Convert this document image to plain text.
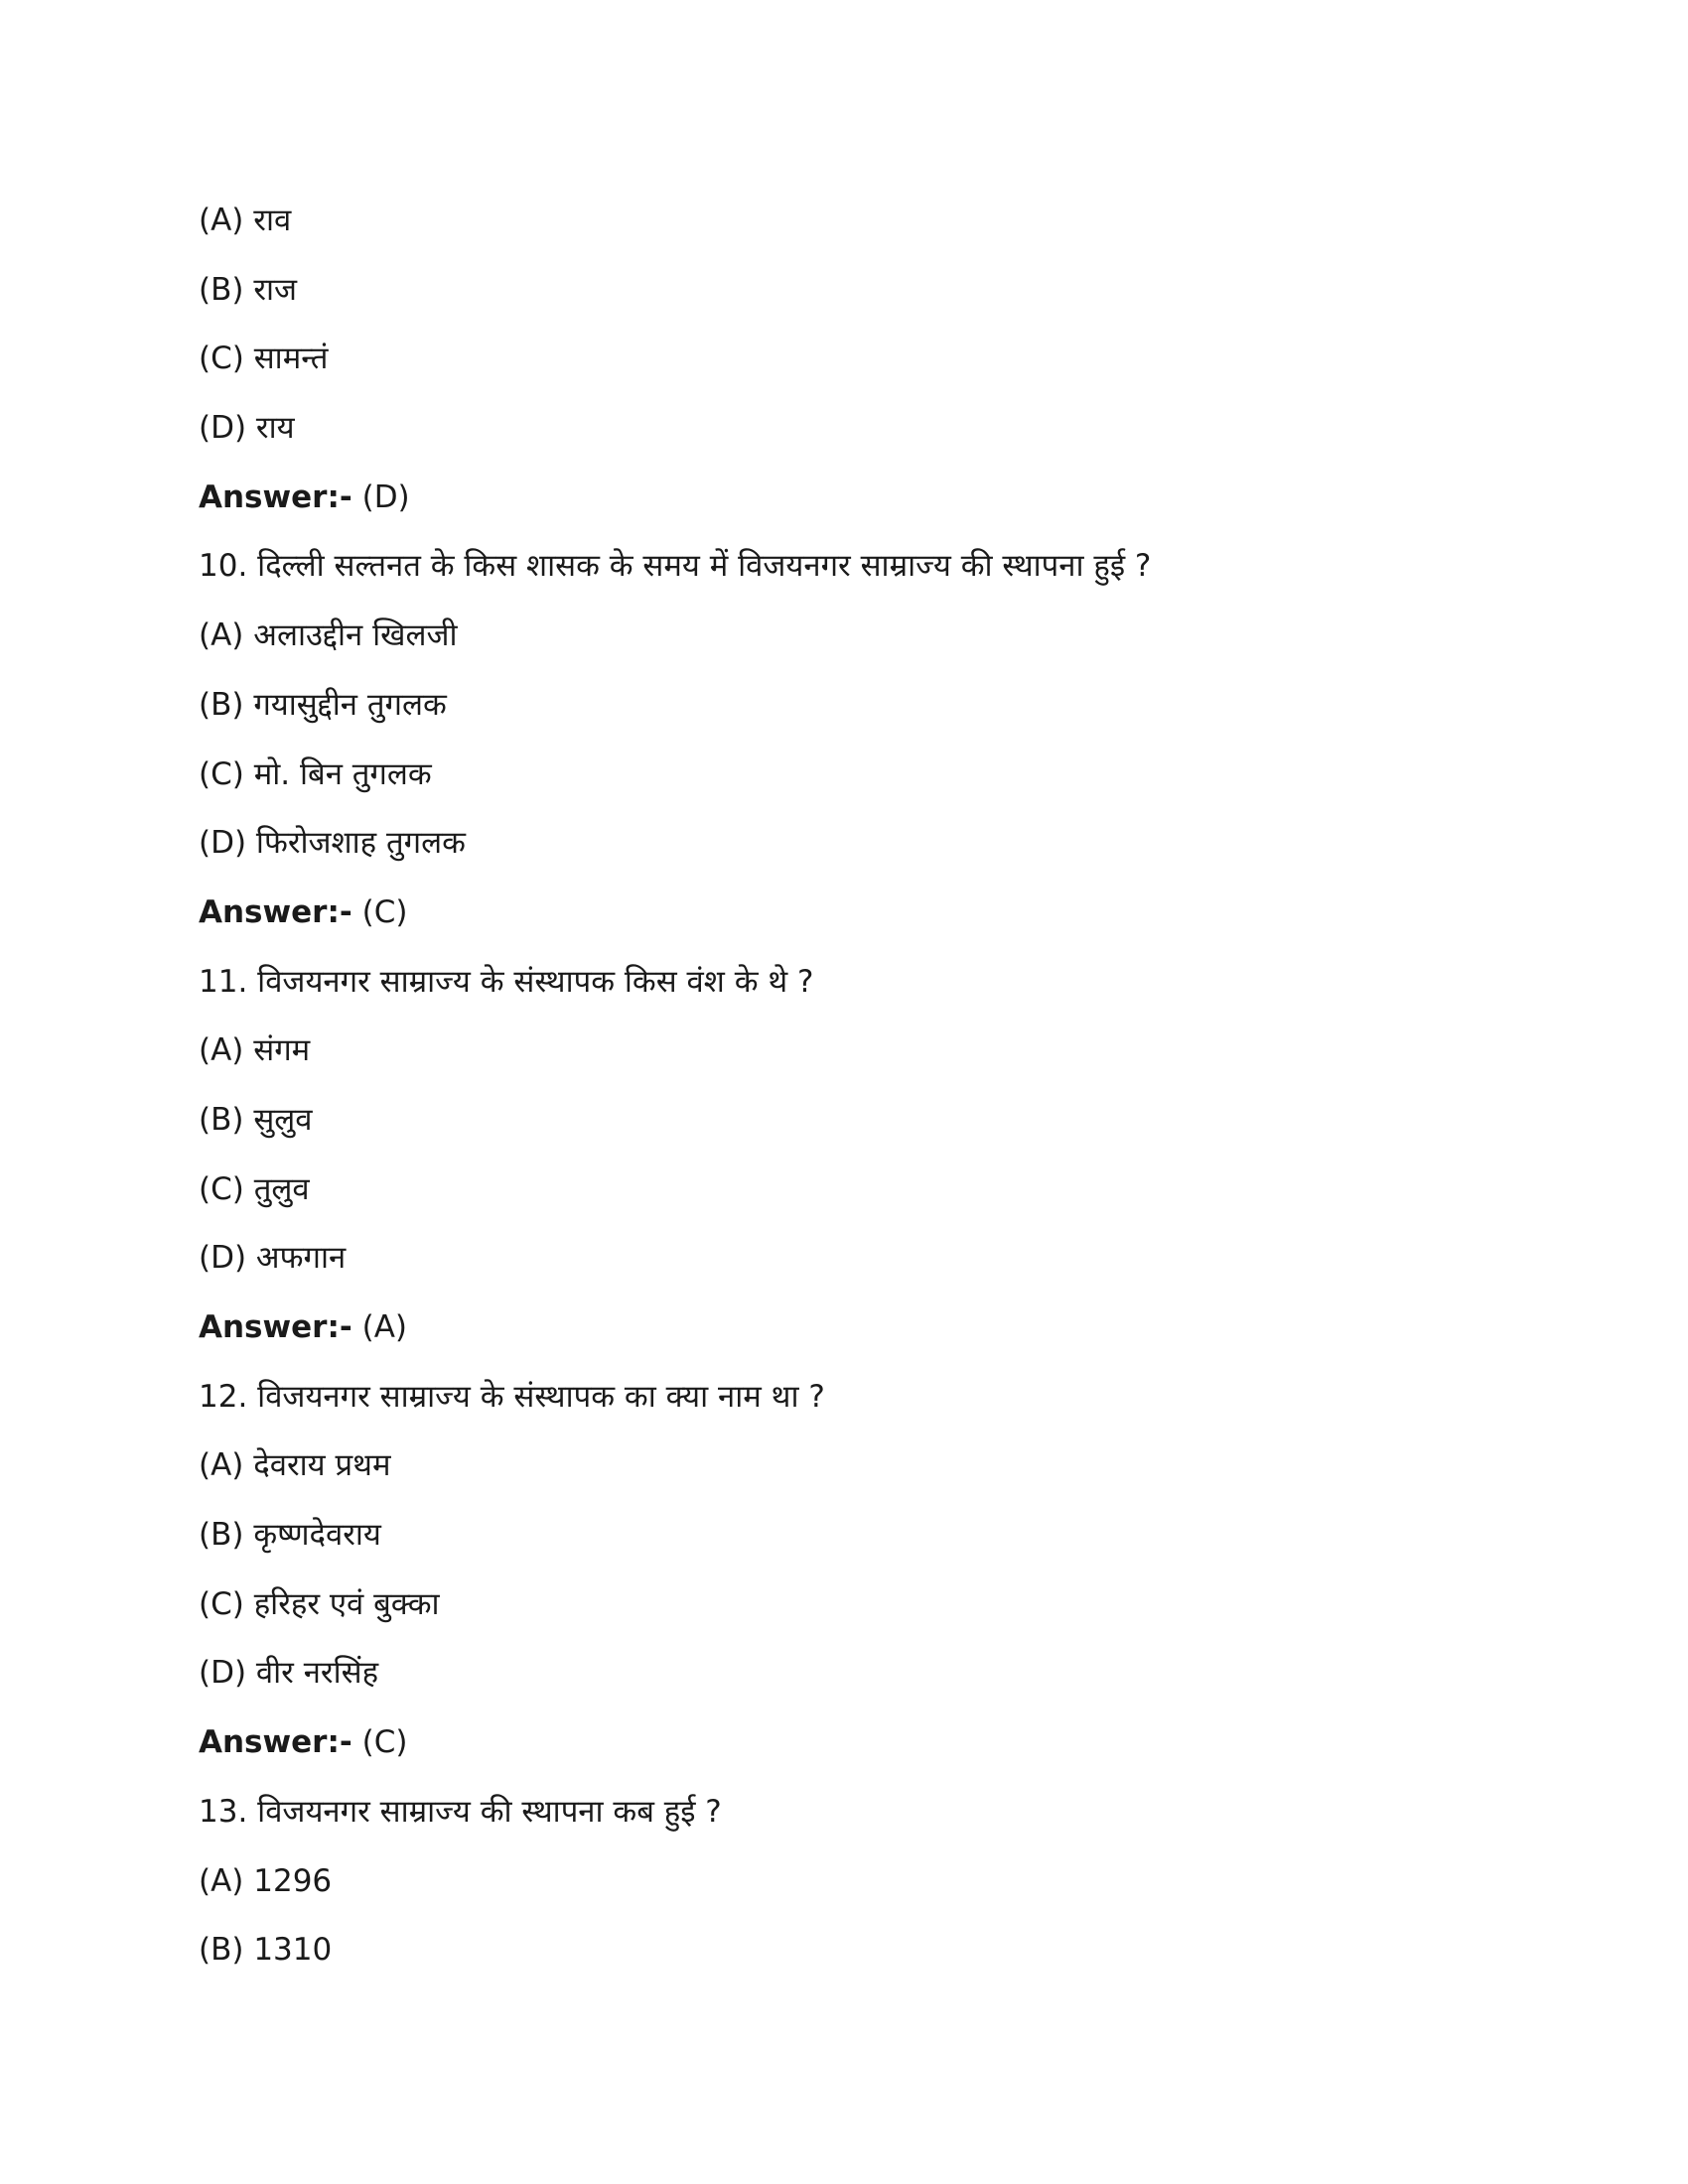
(A) राव
(B) राज
(C) सामन्तं
(D) राय
Answer:- (D)
10. दिल्ली सल्तनत के किस शासक के समय में विजयनगर साम्राज्य की स्थापना हुई ?
(A) अलाउद्दीन खिलजी
(B) गयासुद्दीन तुगलक
(C) मो. बिन तुगलक
(D) फिरोजशाह तुगलक
Answer:- (C)
11. विजयनगर साम्राज्य के संस्थापक किस वंश के थे ?
(A) संगम
(B) सुलुव
(C) तुलुव
(D) अफगान
Answer:- (A)
12. विजयनगर साम्राज्य के संस्थापक का क्या नाम था ?
(A) देवराय प्रथम
(B) कृष्णदेवराय
(C) हरिहर एवं बुक्का
(D) वीर नरसिंह
Answer:- (C)
13. विजयनगर साम्राज्य की स्थापना कब हुई ?
(A) 1296
(B) 1310
